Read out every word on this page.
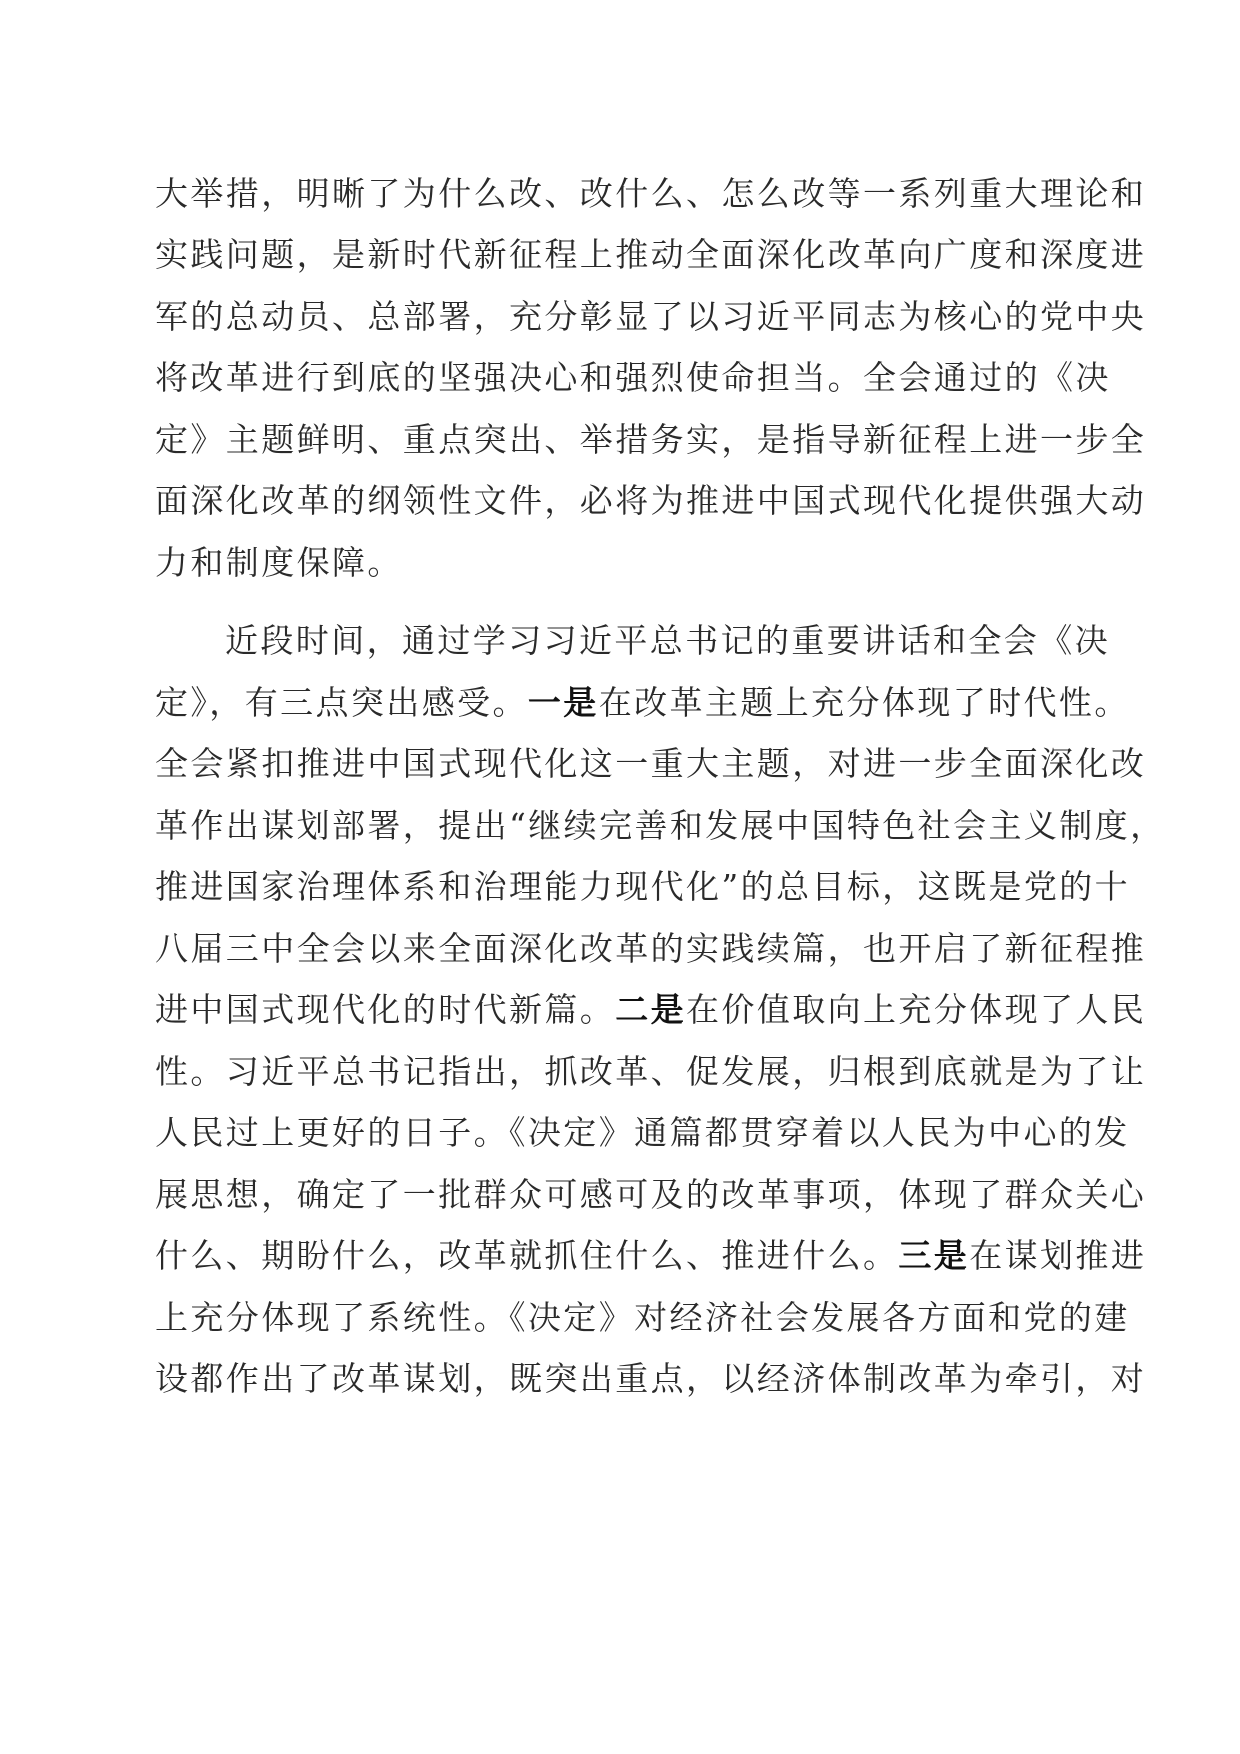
大举措，明晰了为什么改、改什么、怎么改等一系列重大理论和
实践问题，是新时代新征程上推动全面深化改革向广度和深度进
军的总动员、总部署，充分彰显了以习近平同志为核心的党中央
将改革进行到底的坚强决心和强烈使命担当。全会通过的《决
定》主题鲜明、重点突出、举措务实，是指导新征程上进一步全
面深化改革的纲领性文件，必将为推进中国式现代化提供强大动
力和制度保障。
近段时间，通过学习习近平总书记的重要讲话和全会《决
定》，有三点突出感受。一是在改革主题上充分体现了时代性。
全会紧扣推进中国式现代化这一重大主题，对进一步全面深化改
革作出谋划部署，提出“继续完善和发展中国特色社会主义制度，
推进国家治理体系和治理能力现代化”的总目标，这既是党的十
八届三中全会以来全面深化改革的实践续篇，也开启了新征程推
进中国式现代化的时代新篇。二是在价值取向上充分体现了人民
性。习近平总书记指出，抓改革、促发展，归根到底就是为了让
人民过上更好的日子。《决定》通篇都贯穿着以人民为中心的发
展思想，确定了一批群众可感可及的改革事项，体现了群众关心
什么、期盼什么，改革就抓住什么、推进什么。三是在谋划推进
上充分体现了系统性。《决定》对经济社会发展各方面和党的建
设都作出了改革谋划，既突出重点，以经济体制改革为牵引，对
